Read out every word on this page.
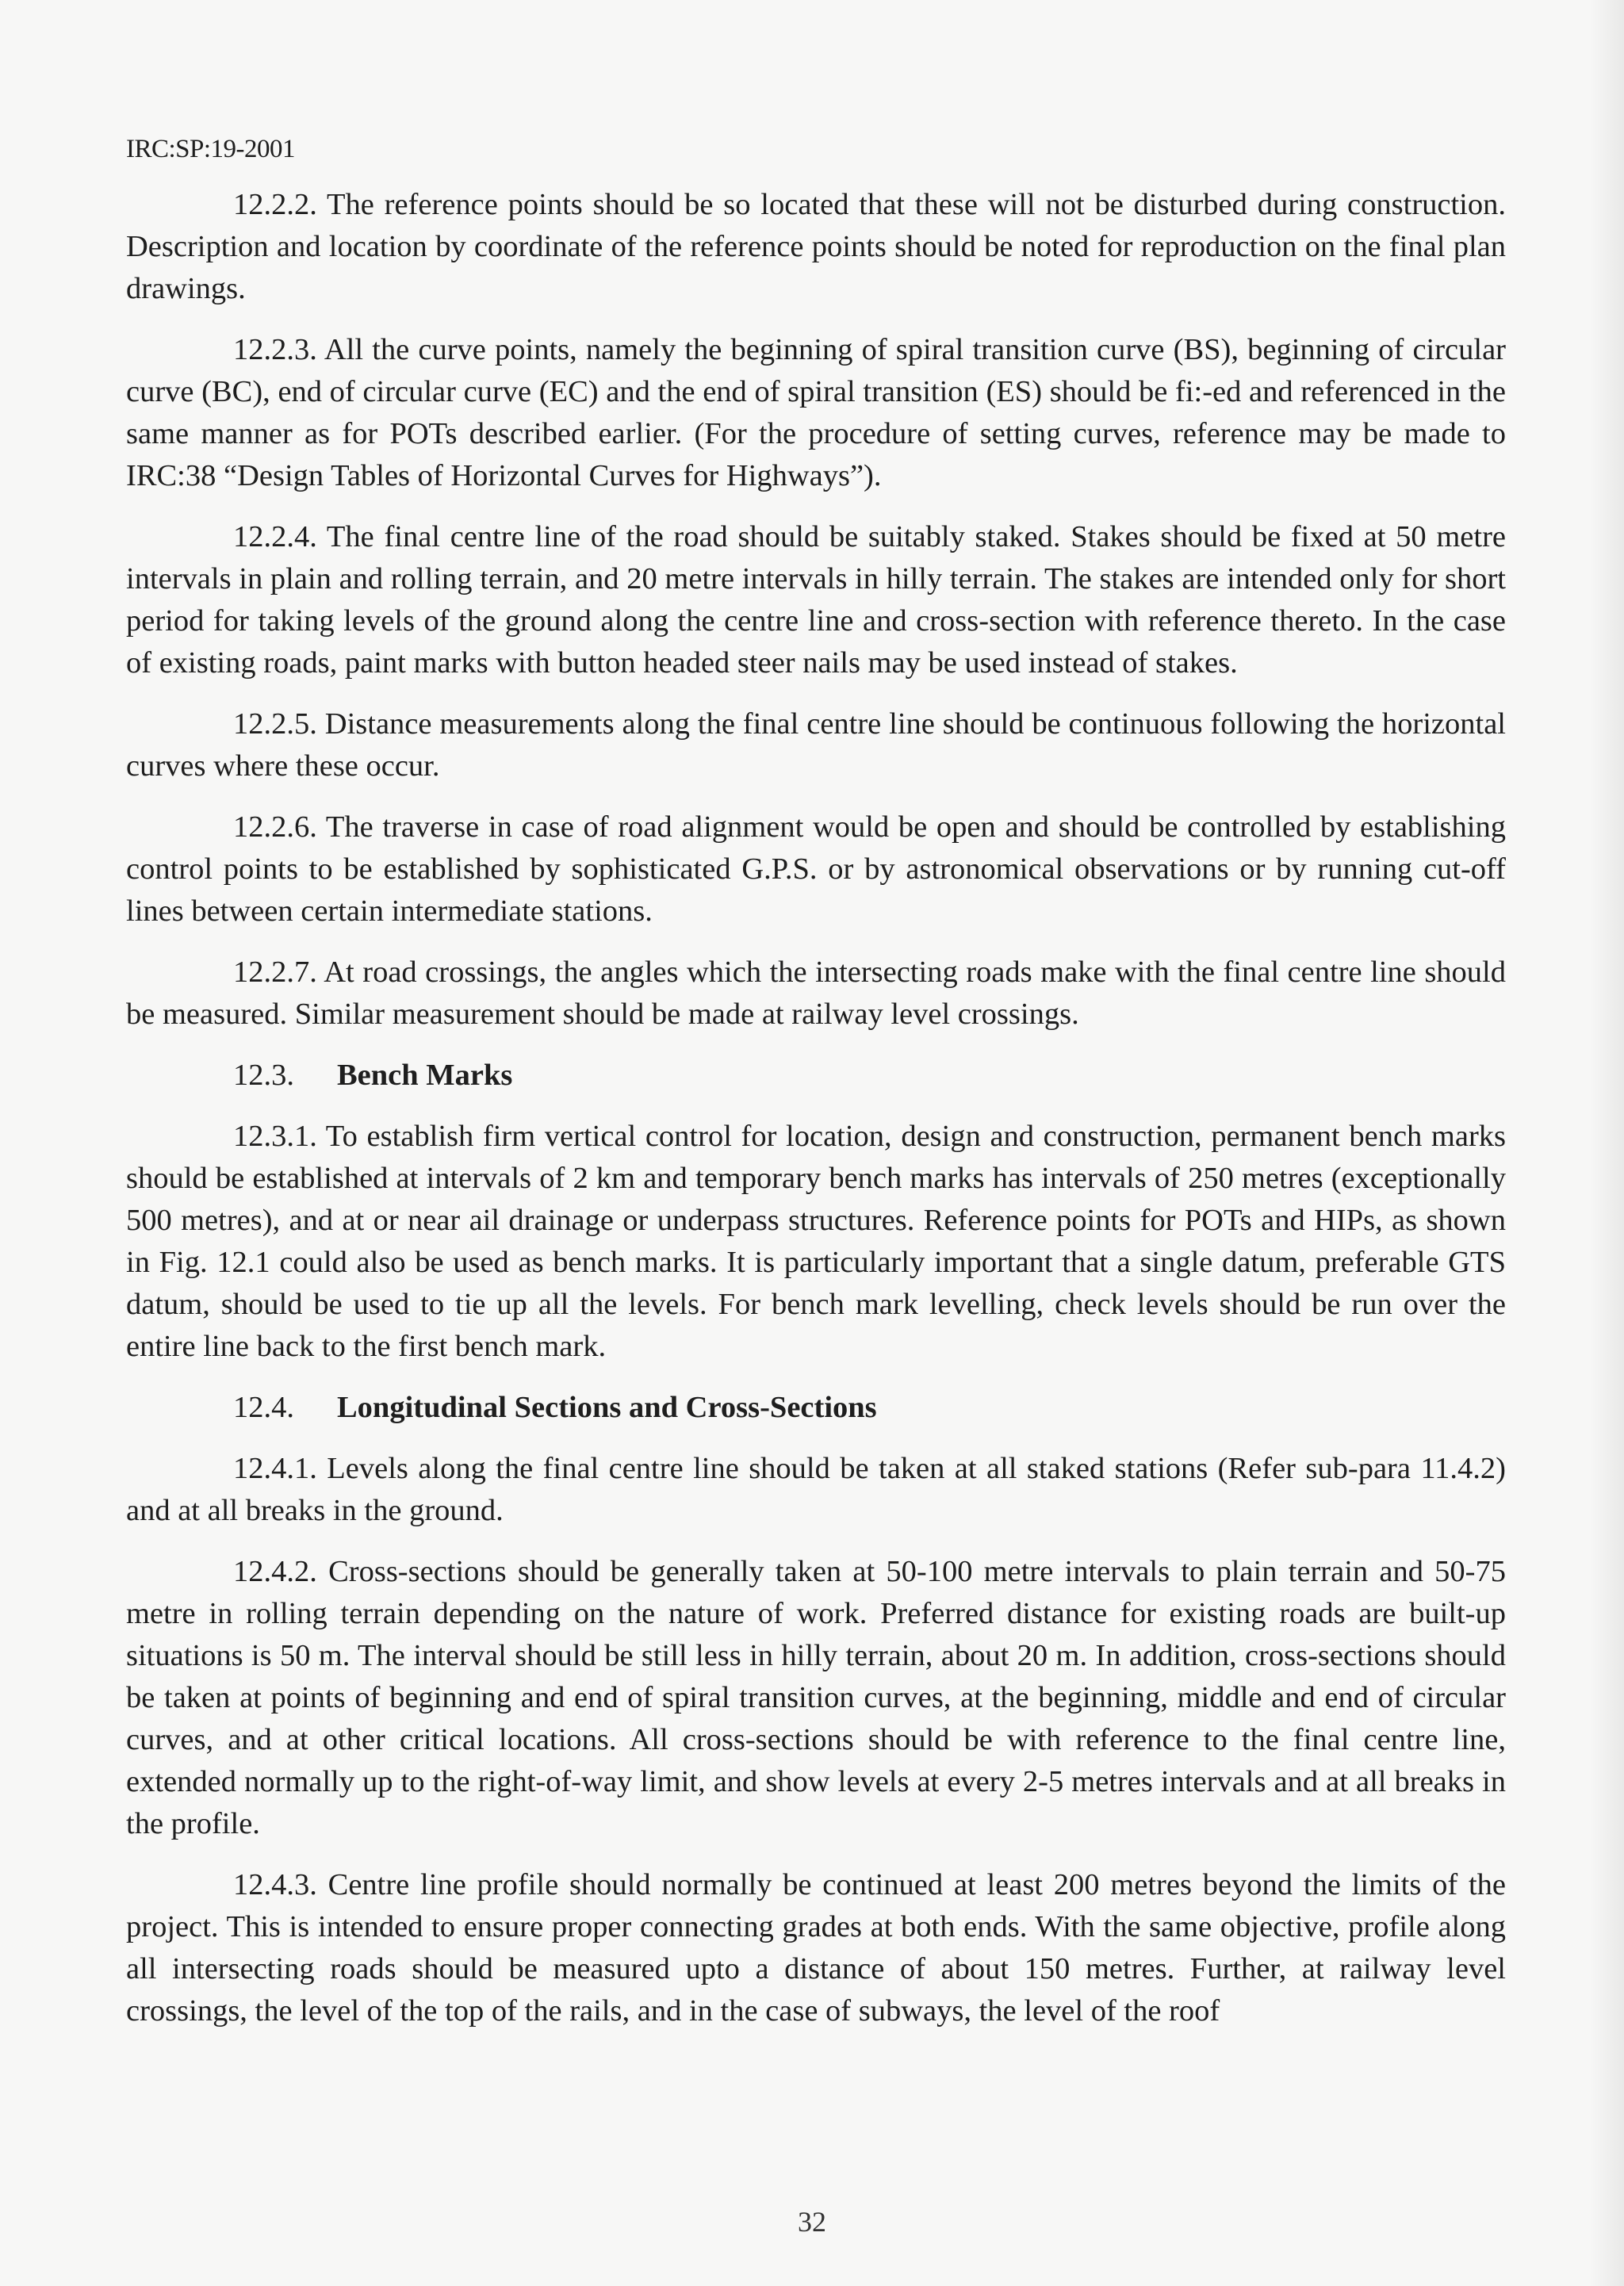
IRC:SP:19-2001

12.2.2. The reference points should be so located that these will not be disturbed during construction. Description and location by coordinate of the reference points should be noted for reproduction on the final plan drawings.

12.2.3. All the curve points, namely the beginning of spiral transition curve (BS), beginning of circular curve (BC), end of circular curve (EC) and the end of spiral transition (ES) should be fi:-ed and referenced in the same manner as for POTs described earlier. (For the procedure of setting curves, reference may be made to IRC:38 “Design Tables of Horizontal Curves for Highways”).

12.2.4. The final centre line of the road should be suitably staked. Stakes should be fixed at 50 metre intervals in plain and rolling terrain, and 20 metre intervals in hilly terrain. The stakes are intended only for short period for taking levels of the ground along the centre line and cross-section with reference thereto. In the case of existing roads, paint marks with button headed steer nails may be used instead of stakes.

12.2.5. Distance measurements along the final centre line should be continuous following the horizontal curves where these occur.

12.2.6. The traverse in case of road alignment would be open and should be controlled by establishing control points to be established by sophisticated G.P.S. or by astronomical observations or by running cut-off lines between certain intermediate stations.

12.2.7. At road crossings, the angles which the intersecting roads make with the final centre line should be measured. Similar measurement should be made at railway level crossings.

12.3. Bench Marks

12.3.1. To establish firm vertical control for location, design and construction, permanent bench marks should be established at intervals of 2 km and temporary bench marks has intervals of 250 metres (exceptionally 500 metres), and at or near ail drainage or underpass structures. Reference points for POTs and HIPs, as shown in Fig. 12.1 could also be used as bench marks. It is particularly important that a single datum, preferable GTS datum, should be used to tie up all the levels. For bench mark levelling, check levels should be run over the entire line back to the first bench mark.

12.4. Longitudinal Sections and Cross-Sections

12.4.1. Levels along the final centre line should be taken at all staked stations (Refer sub-para 11.4.2) and at all breaks in the ground.

12.4.2. Cross-sections should be generally taken at 50-100 metre intervals to plain terrain and 50-75 metre in rolling terrain depending on the nature of work. Preferred distance for existing roads are built-up situations is 50 m. The interval should be still less in hilly terrain, about 20 m. In addition, cross-sections should be taken at points of beginning and end of spiral transition curves, at the beginning, middle and end of circular curves, and at other critical locations. All cross-sections should be with reference to the final centre line, extended normally up to the right-of-way limit, and show levels at every 2-5 metres intervals and at all breaks in the profile.

12.4.3. Centre line profile should normally be continued at least 200 metres beyond the limits of the project. This is intended to ensure proper connecting grades at both ends. With the same objective, profile along all intersecting roads should be measured upto a distance of about 150 metres. Further, at railway level crossings, the level of the top of the rails, and in the case of subways, the level of the roof

32
